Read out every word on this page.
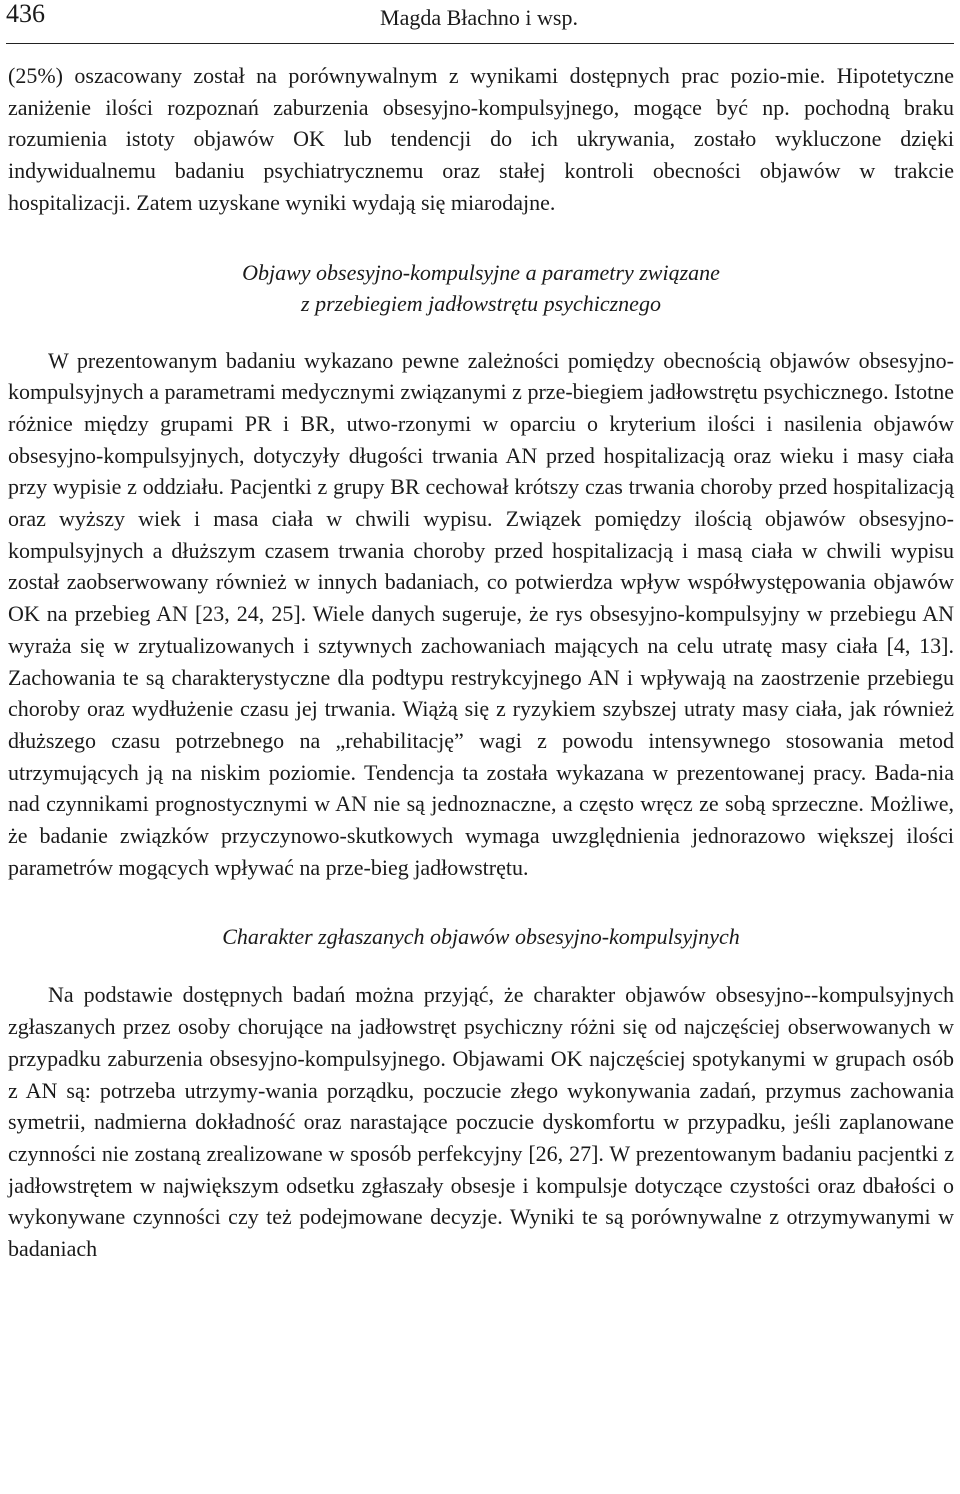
436	Magda Błachno i wsp.

(25%) oszacowany został na porównywalnym z wynikami dostępnych prac pozio-mie. Hipotetyczne zaniżenie ilości rozpoznań zaburzenia obsesyjno-kompulsyjnego, mogące być np. pochodną braku rozumienia istoty objawów OK lub tendencji do ich ukrywania, zostało wykluczone dzięki indywidualnemu badaniu psychiatrycznemu oraz stałej kontroli obecności objawów w trakcie hospitalizacji. Zatem uzyskane wyniki wydają się miarodajne.

Objawy obsesyjno-kompulsyjne a parametry związane
z przebiegiem jadłowstrętu psychicznego

W prezentowanym badaniu wykazano pewne zależności pomiędzy obecnością objawów obsesyjno-kompulsyjnych a parametrami medycznymi związanymi z prze-biegiem jadłowstrętu psychicznego. Istotne różnice między grupami PR i BR, utwo-rzonymi w oparciu o kryterium ilości i nasilenia objawów obsesyjno-kompulsyjnych, dotyczyły długości trwania AN przed hospitalizacją oraz wieku i masy ciała przy wypisie z oddziału. Pacjentki z grupy BR cechował krótszy czas trwania choroby przed hospitalizacją oraz wyższy wiek i masa ciała w chwili wypisu. Związek pomiędzy ilością objawów obsesyjno-kompulsyjnych a dłuższym czasem trwania choroby przed hospitalizacją i masą ciała w chwili wypisu został zaobserwowany również w innych badaniach, co potwierdza wpływ współwystępowania objawów OK na przebieg AN [23, 24, 25]. Wiele danych sugeruje, że rys obsesyjno-kompulsyjny w przebiegu AN wyraża się w zrytualizowanych i sztywnych zachowaniach mających na celu utratę masy ciała [4, 13]. Zachowania te są charakterystyczne dla podtypu restrykcyjnego AN i wpływają na zaostrzenie przebiegu choroby oraz wydłużenie czasu jej trwania. Wiążą się z ryzykiem szybszej utraty masy ciała, jak również dłuższego czasu potrzebnego na „rehabilitację” wagi z powodu intensywnego stosowania metod utrzymujących ją na niskim poziomie. Tendencja ta została wykazana w prezentowanej pracy. Bada-nia nad czynnikami prognostycznymi w AN nie są jednoznaczne, a często wręcz ze sobą sprzeczne. Możliwe, że badanie związków przyczynowo-skutkowych wymaga uwzględnienia jednorazowo większej ilości parametrów mogących wpływać na prze-bieg jadłowstrętu.

Charakter zgłaszanych objawów obsesyjno-kompulsyjnych

Na podstawie dostępnych badań można przyjąć, że charakter objawów obsesyjno--kompulsyjnych zgłaszanych przez osoby chorujące na jadłowstręt psychiczny różni się od najczęściej obserwowanych w przypadku zaburzenia obsesyjno-kompulsyjnego. Objawami OK najczęściej spotykanymi w grupach osób z AN są: potrzeba utrzymy-wania porządku, poczucie złego wykonywania zadań, przymus zachowania symetrii, nadmierna dokładność oraz narastające poczucie dyskomfortu w przypadku, jeśli zaplanowane czynności nie zostaną zrealizowane w sposób perfekcyjny [26, 27]. W prezentowanym badaniu pacjentki z jadłowstrętem w największym odsetku zgłaszały obsesje i kompulsje dotyczące czystości oraz dbałości o wykonywane czynności czy też podejmowane decyzje. Wyniki te są porównywalne z otrzymywanymi w badaniach
